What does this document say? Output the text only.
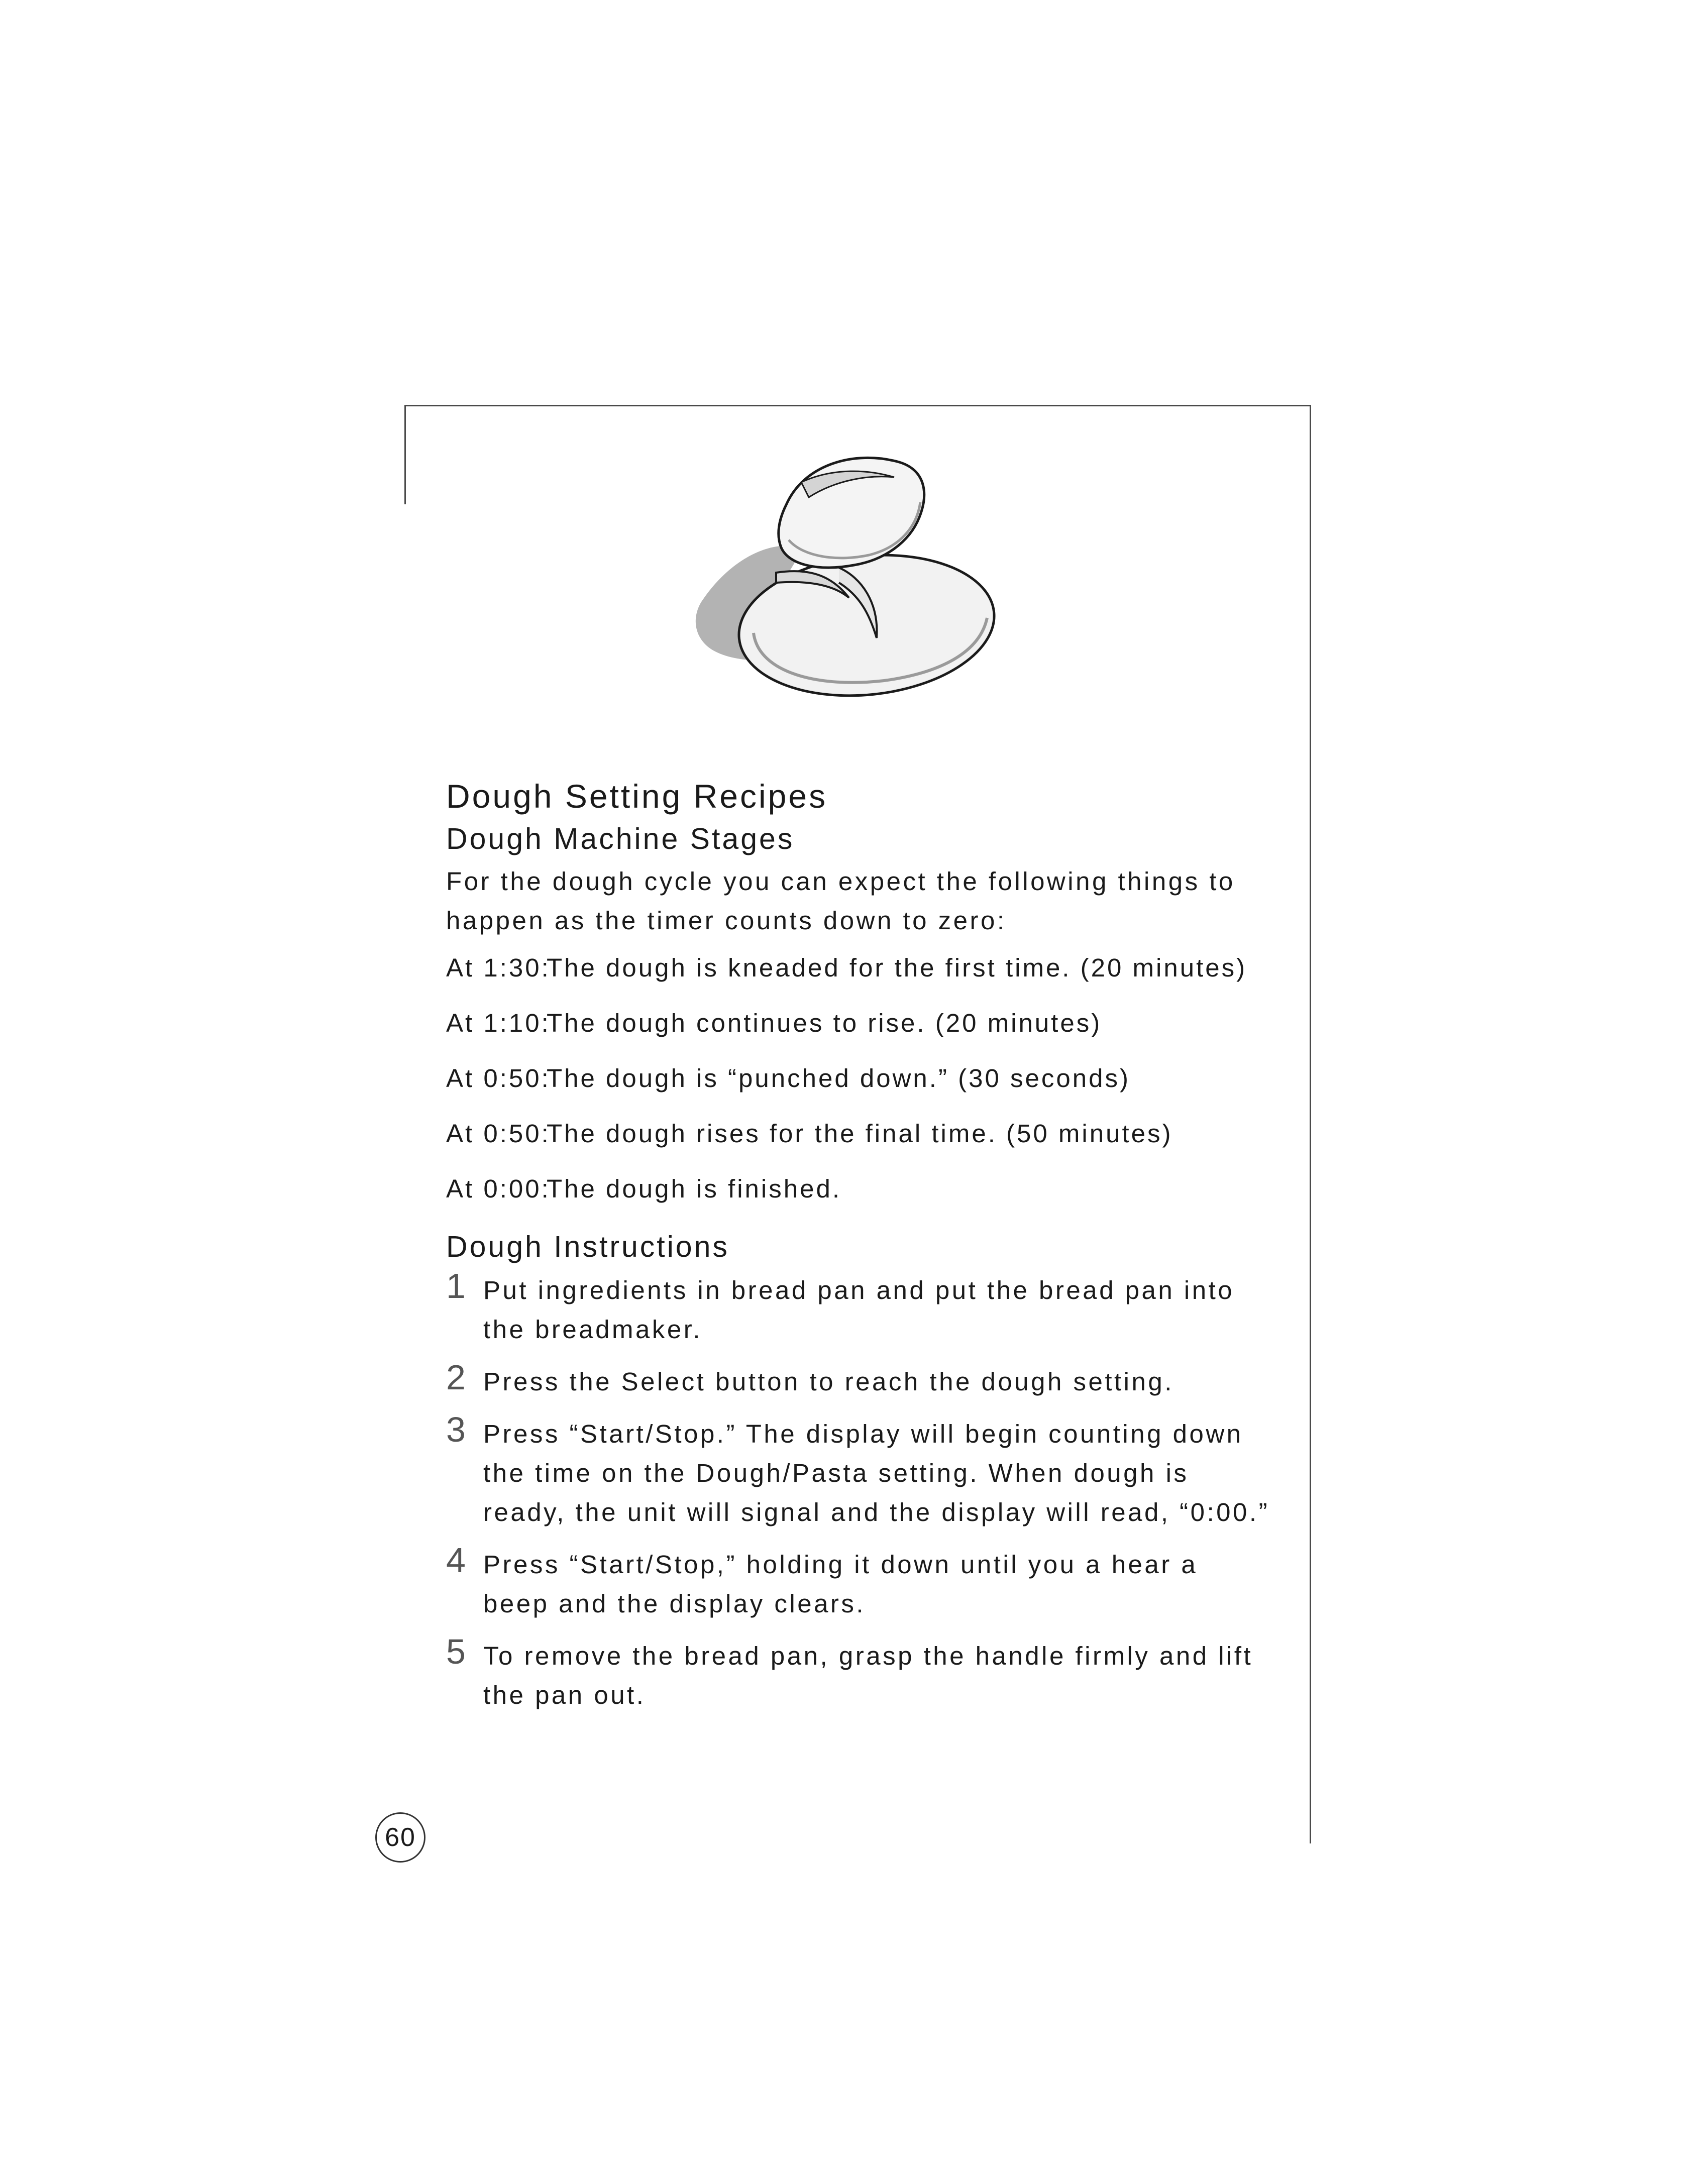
Dough Setting Recipes
Dough Machine Stages

For the dough cycle you can expect the following things to happen as the timer counts down to zero:

At 1:30:
The dough is kneaded for the first time. (20 minutes)
At 1:10:
The dough continues to rise. (20 minutes)
At 0:50:
The dough is “punched down.” (30 seconds)
At 0:50:
The dough rises for the final time. (50 minutes)
At 0:00:
The dough is finished.
Dough Instructions
1 Put ingredients in bread pan and put the bread pan into the breadmaker.
2 Press the Select button to reach the dough setting.
3 Press “Start/Stop.” The display will begin counting down the time on the Dough/Pasta setting. When dough is ready, the unit will signal and the display will read, “0:00.”
4 Press “Start/Stop,” holding it down until you a hear a beep and the display clears.
5 To remove the bread pan, grasp the handle firmly and lift the pan out.
60
